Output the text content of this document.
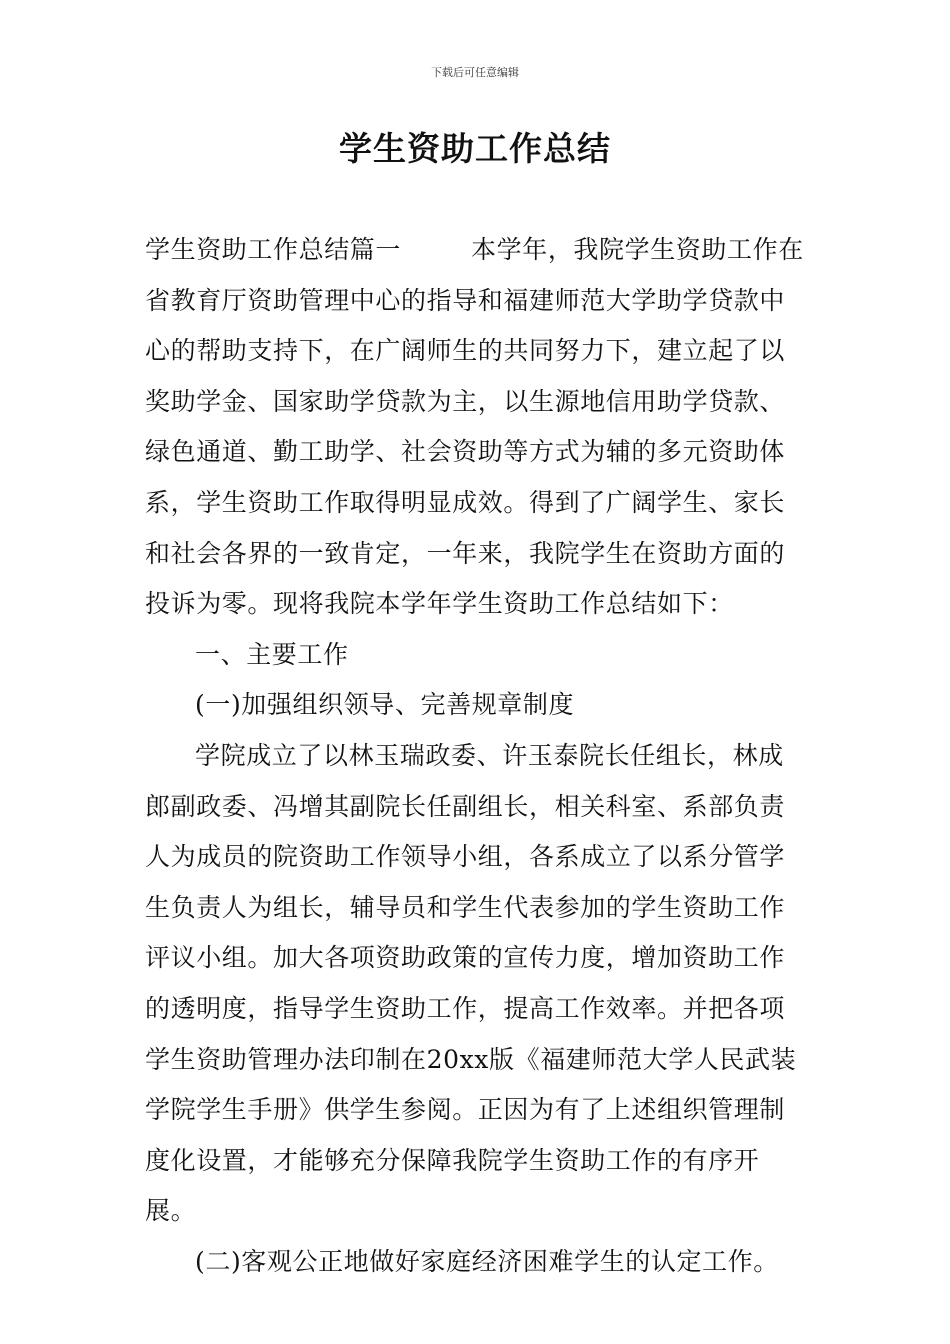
下载后可任意编辑
学生资助工作总结

学生资助工作总结篇一	本学年，我院学生资助工作在省教育厅资助管理中心的指导和福建师范大学助学贷款中心的帮助支持下，在广阔师生的共同努力下，建立起了以奖助学金、国家助学贷款为主，以生源地信用助学贷款、绿色通道、勤工助学、社会资助等方式为辅的多元资助体系，学生资助工作取得明显成效。得到了广阔学生、家长和社会各界的一致肯定，一年来，我院学生在资助方面的投诉为零。现将我院本学年学生资助工作总结如下：

一、主要工作

(一)加强组织领导、完善规章制度

学院成立了以林玉瑞政委、许玉泰院长任组长，林成郎副政委、冯增其副院长任副组长，相关科室、系部负责人为成员的院资助工作领导小组，各系成立了以系分管学生负责人为组长，辅导员和学生代表参加的学生资助工作评议小组。加大各项资助政策的宣传力度，增加资助工作的透明度，指导学生资助工作，提高工作效率。并把各项学生资助管理办法印制在20xx版《福建师范大学人民武装学院学生手册》供学生参阅。正因为有了上述组织管理制度化设置，才能够充分保障我院学生资助工作的有序开展。

(二)客观公正地做好家庭经济困难学生的认定工作。
